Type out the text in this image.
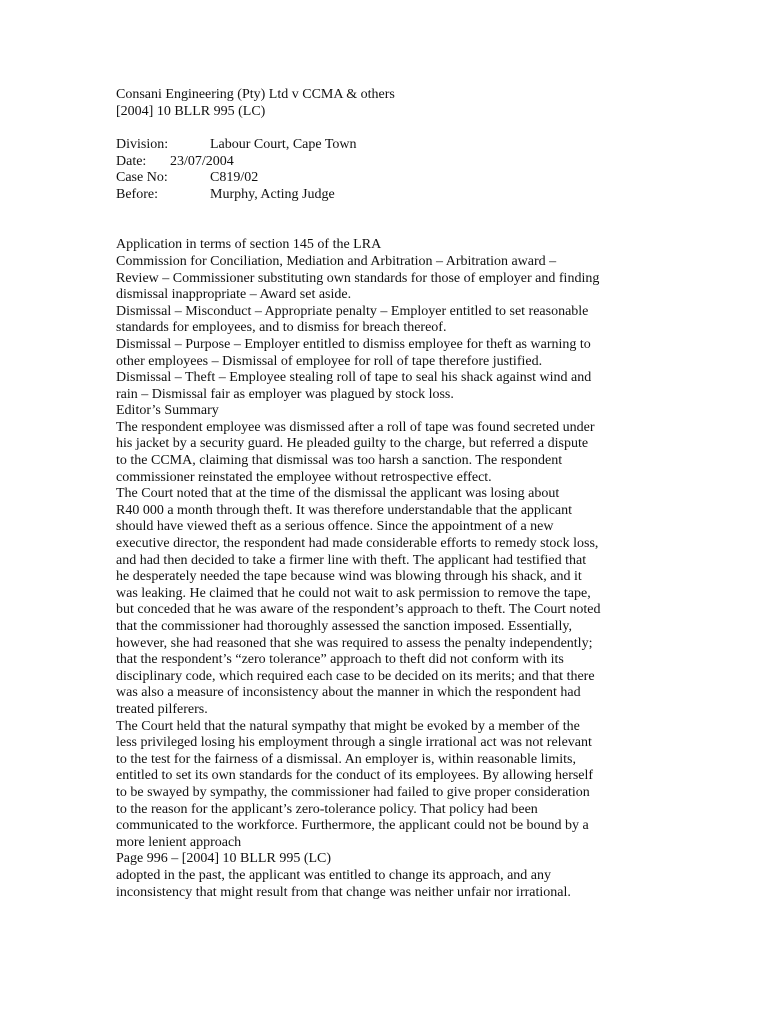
Consani Engineering (Pty) Ltd v CCMA & others
[2004] 10 BLLR 995 (LC)
Division:	Labour Court, Cape Town
Date:	23/07/2004
Case No:	C819/02
Before:	Murphy, Acting Judge
Application in terms of section 145 of the LRA
Commission for Conciliation, Mediation and Arbitration – Arbitration award –
Review – Commissioner substituting own standards for those of employer and finding
dismissal inappropriate – Award set aside.
Dismissal – Misconduct – Appropriate penalty – Employer entitled to set reasonable
standards for employees, and to dismiss for breach thereof.
Dismissal – Purpose – Employer entitled to dismiss employee for theft as warning to
other employees – Dismissal of employee for roll of tape therefore justified.
Dismissal – Theft – Employee stealing roll of tape to seal his shack against wind and
rain – Dismissal fair as employer was plagued by stock loss.
Editor’s Summary
The respondent employee was dismissed after a roll of tape was found secreted under
his jacket by a security guard. He pleaded guilty to the charge, but referred a dispute
to the CCMA, claiming that dismissal was too harsh a sanction. The respondent
commissioner reinstated the employee without retrospective effect.
The Court noted that at the time of the dismissal the applicant was losing about
R40 000 a month through theft. It was therefore understandable that the applicant
should have viewed theft as a serious offence. Since the appointment of a new
executive director, the respondent had made considerable efforts to remedy stock loss,
and had then decided to take a firmer line with theft. The applicant had testified that
he desperately needed the tape because wind was blowing through his shack, and it
was leaking. He claimed that he could not wait to ask permission to remove the tape,
but conceded that he was aware of the respondent’s approach to theft. The Court noted
that the commissioner had thoroughly assessed the sanction imposed. Essentially,
however, she had reasoned that she was required to assess the penalty independently;
that the respondent’s “zero tolerance” approach to theft did not conform with its
disciplinary code, which required each case to be decided on its merits; and that there
was also a measure of inconsistency about the manner in which the respondent had
treated pilferers.
The Court held that the natural sympathy that might be evoked by a member of the
less privileged losing his employment through a single irrational act was not relevant
to the test for the fairness of a dismissal. An employer is, within reasonable limits,
entitled to set its own standards for the conduct of its employees. By allowing herself
to be swayed by sympathy, the commissioner had failed to give proper consideration
to the reason for the applicant’s zero-tolerance policy. That policy had been
communicated to the workforce. Furthermore, the applicant could not be bound by a
more lenient approach
Page 996 – [2004] 10 BLLR 995 (LC)
adopted in the past, the applicant was entitled to change its approach, and any
inconsistency that might result from that change was neither unfair nor irrational.
